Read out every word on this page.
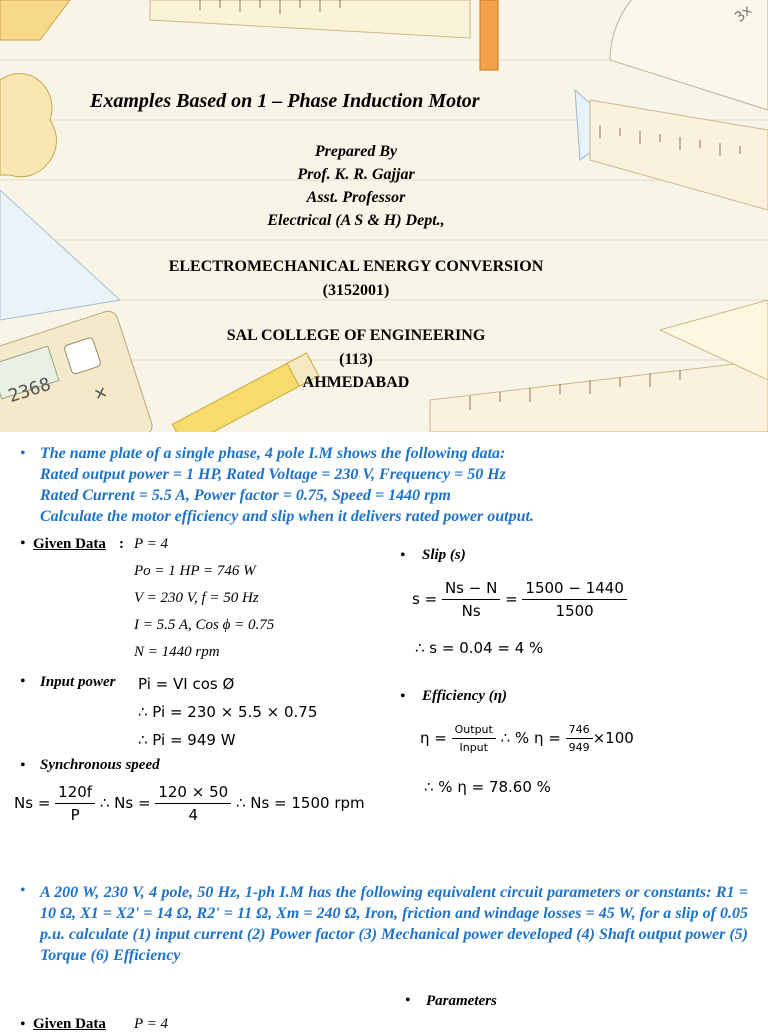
2368 ✕
3x
Examples Based on 1 – Phase Induction Motor
Prepared By
Prof. K. R. Gajjar
Asst. Professor
Electrical (A S & H) Dept.,
ELECTROMECHANICAL ENERGY CONVERSION
(3152001)
SAL COLLEGE OF ENGINEERING
(113)
AHMEDABAD
• The name plate of a single phase, 4 pole I.M shows the following data:
Rated output power = 1 HP, Rated Voltage = 230 V, Frequency = 50 Hz
Rated Current = 5.5 A, Power factor = 0.75, Speed = 1440 rpm
Calculate the motor efficiency and slip when it delivers rated power output.
• Given Data : P = 4
Po = 1 HP = 746 W
V = 230 V, f = 50 Hz
I = 5.5 A, Cos ϕ = 0.75
N = 1440 rpm
• Input power Pi = VI cos Ø
∴ Pi = 230 × 5.5 × 0.75
∴ Pi = 949 W
• Synchronous speed
$Ns = \frac{120f}{P}$ ∴ $Ns = \frac{120 \times 50}{4}$ ∴ Ns = 1500 rpm
• Slip (s)
$s = \frac{Ns - N}{Ns} = \frac{1500 - 1440}{1500}$
∴ s = 0.04 = 4 %
• Efficiency (η)
$\eta = \frac{\text{Output}}{\text{Input}}$ ∴ % $\eta = \frac{746}{949} \times 100$
∴ % η = 78.60 %
• A 200 W, 230 V, 4 pole, 50 Hz, 1-ph I.M has the following equivalent circuit parameters or constants: R1 = 10 Ω, X1 = X2' = 14 Ω, R2' = 11 Ω, Xm = 240 Ω, Iron, friction and windage losses = 45 W, for a slip of 0.05 p.u. calculate (1) input current (2) Power factor (3) Mechanical power developed (4) Shaft output power (5) Torque (6) Efficiency
• Parameters
• Given Data P = 4
